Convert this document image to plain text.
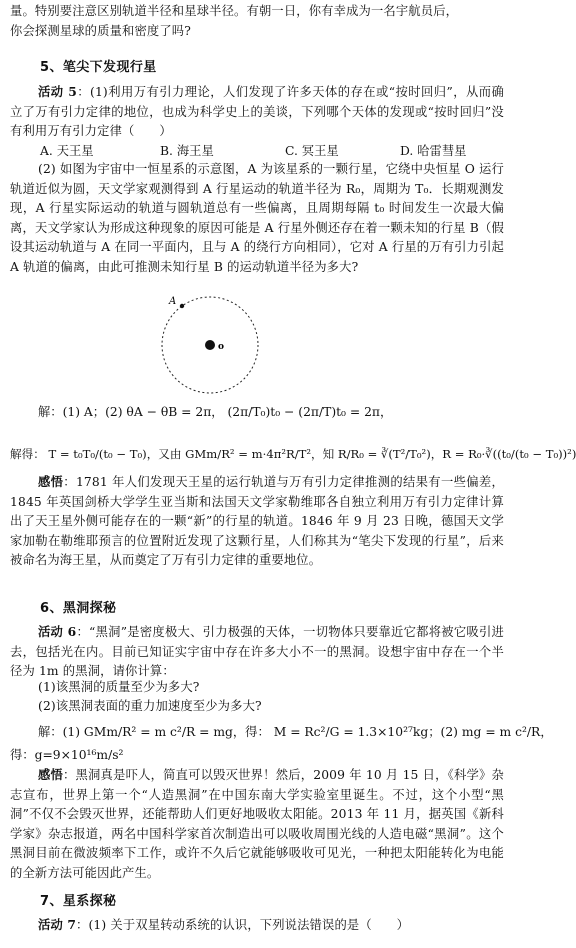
量。特别要注意区别轨道半径和星球半径。有朝一日，你有幸成为一名宇航员后，
你会探测星球的质量和密度了吗?
5、笔尖下发现行星
活动 5：(1)利用万有引力理论，人们发现了许多天体的存在或“按时回归”，从而确立了万有引力定律的地位，也成为科学史上的美谈，下列哪个天体的发现或“按时回归”没有利用万有引力定律（　　）
A. 天王星	B. 海王星	C. 冥王星	D. 哈雷彗星
(2) 如图为宇宙中一恒星系的示意图，A 为该星系的一颗行星，它绕中央恒星 O 运行轨道近似为圆，天文学家观测得到 A 行星运动的轨道半径为 R₀，周期为 T₀．长期观测发现，A 行星实际运动的轨道与圆轨道总有一些偏离，且周期每隔 t₀ 时间发生一次最大偏离，天文学家认为形成这种现象的原因可能是 A 行星外侧还存在着一颗未知的行星 B（假设其运动轨道与 A 在同一平面内，且与 A 的绕行方向相同），它对 A 行星的万有引力引起 A 轨道的偏离，由此可推测未知行星 B 的运动轨道半径为多大?
A
o
解：(1) A；(2) θA − θB = 2π， (2π/T₀)t₀ − (2π/T)t₀ = 2π，
解得： T = t₀T₀/(t₀ − T₀)，又由 GMm/R² = m·4π²R/T²，知 R/R₀ = ∛(T²/T₀²)，R = R₀·∛((t₀/(t₀ − T₀))²)
感悟：1781 年人们发现天王星的运行轨道与万有引力定律推测的结果有一些偏差，1845 年英国剑桥大学学生亚当斯和法国天文学家勒维耶各自独立利用万有引力定律计算出了天王星外侧可能存在的一颗“新”的行星的轨道。1846 年 9 月 23 日晚，德国天文学家加勒在勒维耶预言的位置附近发现了这颗行星，人们称其为“笔尖下发现的行星”，后来被命名为海王星，从而奠定了万有引力定律的重要地位。
6、黑洞探秘
活动 6：“黑洞”是密度极大、引力极强的天体，一切物体只要靠近它都将被它吸引进去，包括光在内。目前已知证实宇宙中存在许多大小不一的黑洞。设想宇宙中存在一个半径为 1m 的黑洞，请你计算：
(1)该黑洞的质量至少为多大?
(2)该黑洞表面的重力加速度至少为多大?
解：(1) GMm/R² = m c²/R = mg，得： M = Rc²/G = 1.3×10²⁷kg；(2) mg = m c²/R，
得：g=9×10¹⁶m/s²
感悟：黑洞真是吓人，简直可以毁灭世界！然后，2009 年 10 月 15 日，《科学》杂志宣布，世界上第一个“人造黑洞”在中国东南大学实验室里诞生。不过，这个小型“黑洞”不仅不会毁灭世界，还能帮助人们更好地吸收太阳能。2013 年 11 月，据英国《新科学家》杂志报道，两名中国科学家首次制造出可以吸收周围光线的人造电磁“黑洞”。这个黑洞目前在微波频率下工作，或许不久后它就能够吸收可见光，一种把太阳能转化为电能的全新方法可能因此产生。
7、星系探秘
活动 7：(1) 关于双星转动系统的认识，下列说法错误的是（　　）
